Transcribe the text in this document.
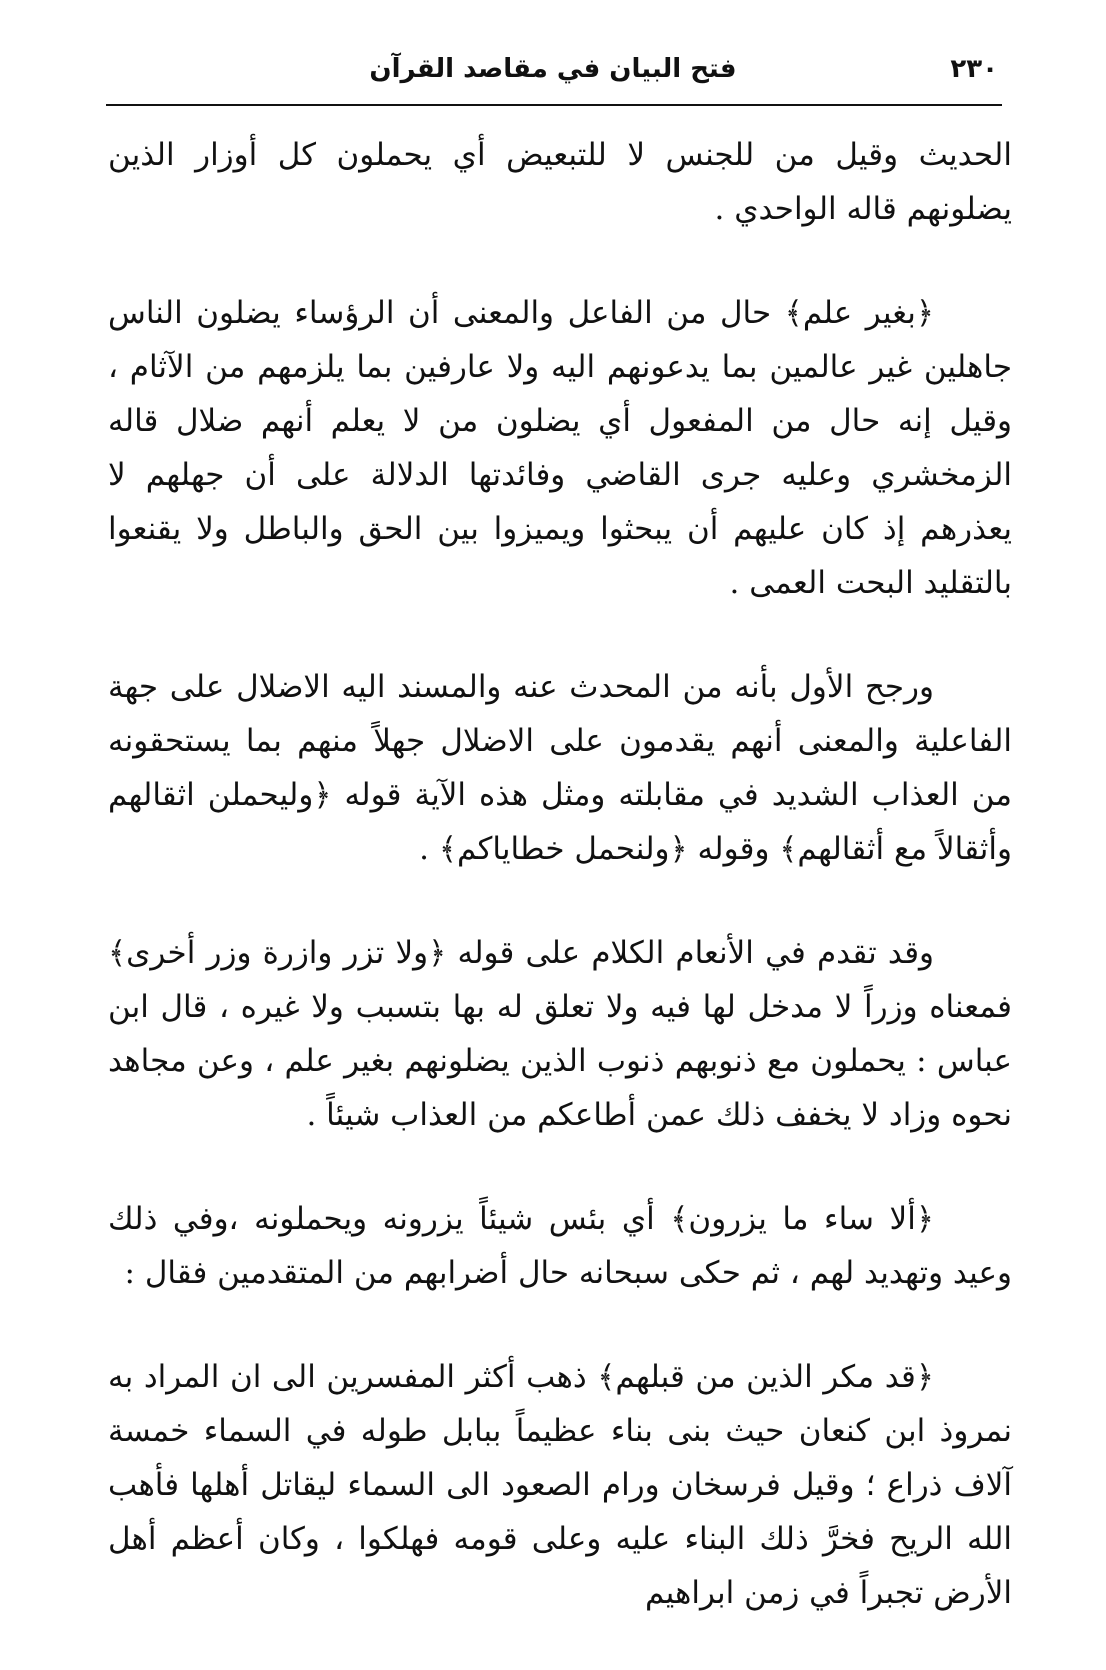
٢٣٠
فتح البيان في مقاصد القرآن

الحديث وقيل من للجنس لا للتبعيض أي يحملون كل أوزار الذين يضلونهم قاله الواحدي .

﴿بغير علم﴾ حال من الفاعل والمعنى أن الرؤساء يضلون الناس جاهلين غير عالمين بما يدعونهم اليه ولا عارفين بما يلزمهم من الآثام ، وقيل إنه حال من المفعول أي يضلون من لا يعلم أنهم ضلال قاله الزمخشري وعليه جرى القاضي وفائدتها الدلالة على أن جهلهم لا يعذرهم إذ كان عليهم أن يبحثوا ويميزوا بين الحق والباطل ولا يقنعوا بالتقليد البحت العمى .

ورجح الأول بأنه من المحدث عنه والمسند اليه الاضلال على جهة الفاعلية والمعنى أنهم يقدمون على الاضلال جهلاً منهم بما يستحقونه من العذاب الشديد في مقابلته ومثل هذه الآية قوله ﴿وليحملن اثقالهم وأثقالاً مع أثقالهم﴾ وقوله ﴿ولنحمل خطاياكم﴾ .

وقد تقدم في الأنعام الكلام على قوله ﴿ولا تزر وازرة وزر أخرى﴾ فمعناه وزراً لا مدخل لها فيه ولا تعلق له بها بتسبب ولا غيره ، قال ابن عباس : يحملون مع ذنوبهم ذنوب الذين يضلونهم بغير علم ، وعن مجاهد نحوه وزاد لا يخفف ذلك عمن أطاعكم من العذاب شيئاً .

﴿ألا ساء ما يزرون﴾ أي بئس شيئاً يزرونه ويحملونه ،وفي ذلك وعيد وتهديد لهم ، ثم حكى سبحانه حال أضرابهم من المتقدمين فقال :

﴿قد مكر الذين من قبلهم﴾ ذهب أكثر المفسرين الى ان المراد به نمروذ ابن كنعان حيث بنى بناء عظيماً ببابل طوله في السماء خمسة آلاف ذراع ؛ وقيل فرسخان ورام الصعود الى السماء ليقاتل أهلها فأهب الله الريح فخرَّ ذلك البناء عليه وعلى قومه فهلكوا ، وكان أعظم أهل الأرض تجبراً في زمن ابراهيم
